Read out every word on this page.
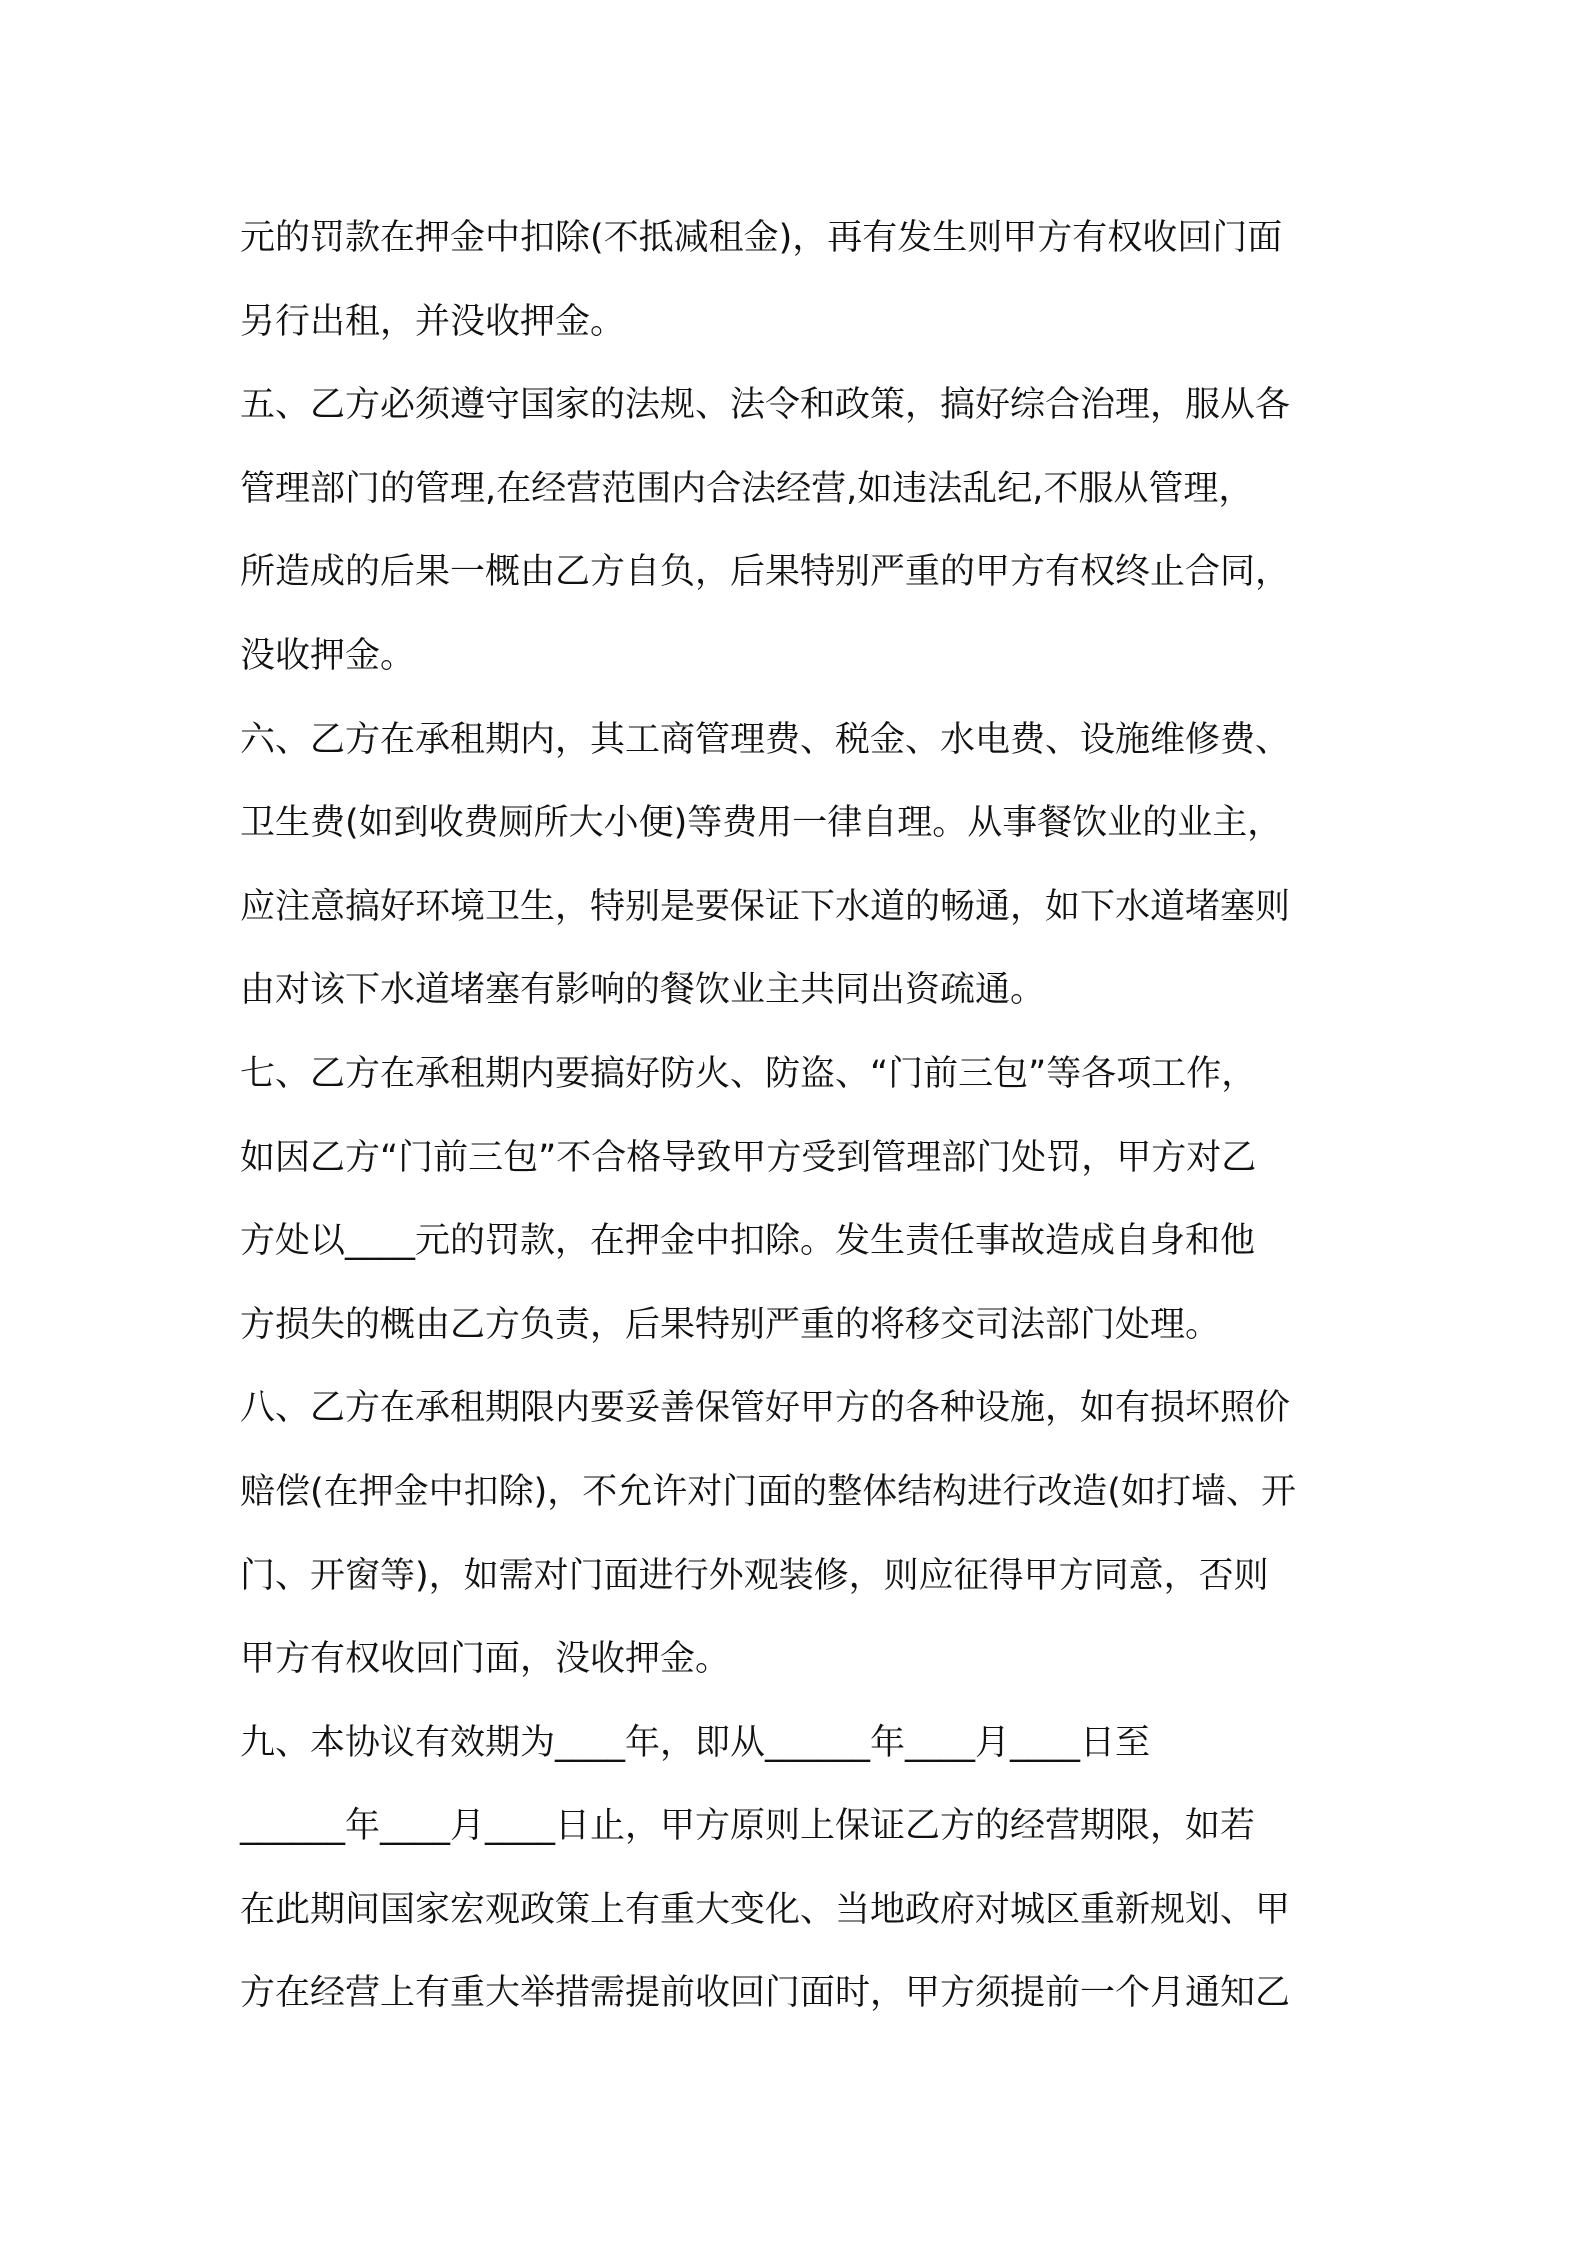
元的罚款在押金中扣除(不抵减租金)，再有发生则甲方有权收回门面
另行出租，并没收押金。
五、乙方必须遵守国家的法规、法令和政策，搞好综合治理，服从各
管理部门的管理,在经营范围内合法经营,如违法乱纪,不服从管理，
所造成的后果一概由乙方自负，后果特别严重的甲方有权终止合同，
没收押金。
六、乙方在承租期内，其工商管理费、税金、水电费、设施维修费、
卫生费(如到收费厕所大小便)等费用一律自理。从事餐饮业的业主，
应注意搞好环境卫生，特别是要保证下水道的畅通，如下水道堵塞则
由对该下水道堵塞有影响的餐饮业主共同出资疏通。
七、乙方在承租期内要搞好防火、防盗、“门前三包”等各项工作，
如因乙方“门前三包”不合格导致甲方受到管理部门处罚，甲方对乙
方处以____元的罚款，在押金中扣除。发生责任事故造成自身和他
方损失的概由乙方负责，后果特别严重的将移交司法部门处理。
八、乙方在承租期限内要妥善保管好甲方的各种设施，如有损坏照价
赔偿(在押金中扣除)，不允许对门面的整体结构进行改造(如打墙、开
门、开窗等)，如需对门面进行外观装修，则应征得甲方同意，否则
甲方有权收回门面，没收押金。
九、本协议有效期为____年，即从______年____月____日至
______年____月____日止，甲方原则上保证乙方的经营期限，如若
在此期间国家宏观政策上有重大变化、当地政府对城区重新规划、甲
方在经营上有重大举措需提前收回门面时，甲方须提前一个月通知乙
